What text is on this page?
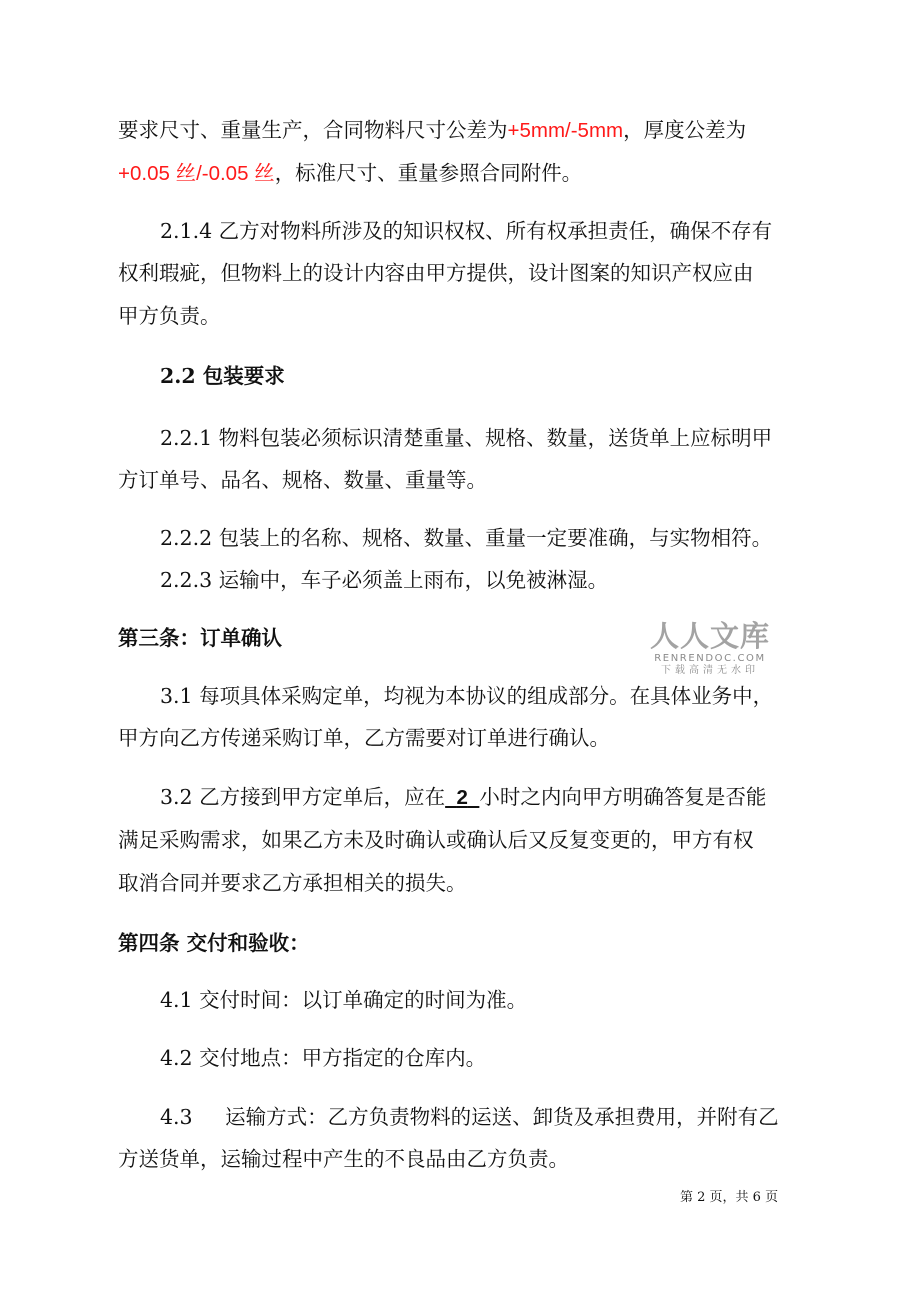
要求尺寸、重量生产，合同物料尺寸公差为+5mm/-5mm，厚度公差为

+0.05 丝/-0.05 丝，标准尺寸、重量参照合同附件。

2.1.4 乙方对物料所涉及的知识权权、所有权承担责任，确保不存有

权利瑕疵，但物料上的设计内容由甲方提供，设计图案的知识产权应由

甲方负责。

2.2 包装要求

2.2.1 物料包装必须标识清楚重量、规格、数量，送货单上应标明甲

方订单号、品名、规格、数量、重量等。

2.2.2 包装上的名称、规格、数量、重量一定要准确，与实物相符。

2.2.3 运输中，车子必须盖上雨布，以免被淋湿。

第三条：订单确认

3.1 每项具体采购定单，均视为本协议的组成部分。在具体业务中，

甲方向乙方传递采购订单，乙方需要对订单进行确认。

3.2 乙方接到甲方定单后，应在 2 小时之内向甲方明确答复是否能

满足采购需求，如果乙方未及时确认或确认后又反复变更的，甲方有权

取消合同并要求乙方承担相关的损失。

第四条 交付和验收：

4.1 交付时间：以订单确定的时间为准。

4.2 交付地点：甲方指定的仓库内。

4.3     运输方式：乙方负责物料的运送、卸货及承担费用，并附有乙

方送货单，运输过程中产生的不良品由乙方负责。

人人文库
RENRENDOC.COM
下载高清无水印
第 2 页，共 6 页
